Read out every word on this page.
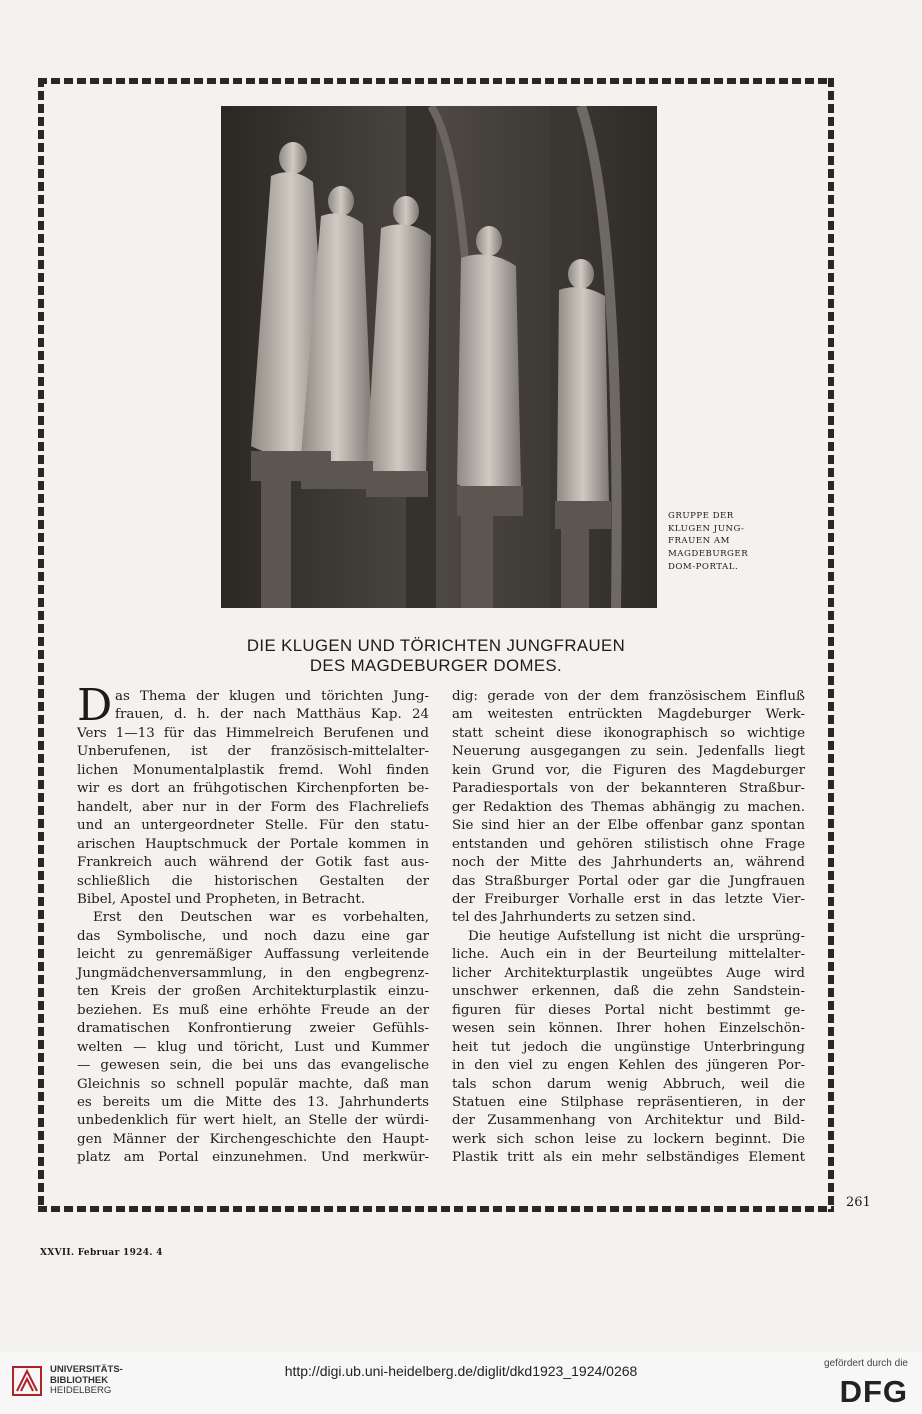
GRUPPE DER
KLUGEN JUNG-
FRAUEN AM
MAGDEBURGER
DOM-PORTAL.
DIE KLUGEN UND TÖRICHTEN JUNGFRAUEN
DES MAGDEBURGER DOMES.
D as Thema der klugen und törichten Jung-
frauen, d. h. der nach Matthäus Kap. 24
Vers 1—13 für das Himmelreich Berufenen und
Unberufenen, ist der französisch-mittelalter-
lichen Monumentalplastik fremd. Wohl finden
wir es dort an frühgotischen Kirchenpforten be-
handelt, aber nur in der Form des Flachreliefs
und an untergeordneter Stelle. Für den statu-
arischen Hauptschmuck der Portale kommen in
Frankreich auch während der Gotik fast aus-
schließlich die historischen Gestalten der
Bibel, Apostel und Propheten, in Betracht.
Erst den Deutschen war es vorbehalten,
das Symbolische, und noch dazu eine gar
leicht zu genremäßiger Auffassung verleitende
Jungmädchenversammlung, in den engbegrenz-
ten Kreis der großen Architekturplastik einzu-
beziehen. Es muß eine erhöhte Freude an der
dramatischen Konfrontierung zweier Gefühls-
welten — klug und töricht, Lust und Kummer
— gewesen sein, die bei uns das evangelische
Gleichnis so schnell populär machte, daß man
es bereits um die Mitte des 13. Jahrhunderts
unbedenklich für wert hielt, an Stelle der würdi-
gen Männer der Kirchengeschichte den Haupt-
platz am Portal einzunehmen. Und merkwür-
dig: gerade von der dem französischem Einfluß
am weitesten entrückten Magdeburger Werk-
statt scheint diese ikonographisch so wichtige
Neuerung ausgegangen zu sein. Jedenfalls liegt
kein Grund vor, die Figuren des Magdeburger
Paradiesportals von der bekannteren Straßbur-
ger Redaktion des Themas abhängig zu machen.
Sie sind hier an der Elbe offenbar ganz spontan
entstanden und gehören stilistisch ohne Frage
noch der Mitte des Jahrhunderts an, während
das Straßburger Portal oder gar die Jungfrauen
der Freiburger Vorhalle erst in das letzte Vier-
tel des Jahrhunderts zu setzen sind.
Die heutige Aufstellung ist nicht die ursprüng-
liche. Auch ein in der Beurteilung mittelalter-
licher Architekturplastik ungeübtes Auge wird
unschwer erkennen, daß die zehn Sandstein-
figuren für dieses Portal nicht bestimmt ge-
wesen sein können. Ihrer hohen Einzelschön-
heit tut jedoch die ungünstige Unterbringung
in den viel zu engen Kehlen des jüngeren Por-
tals schon darum wenig Abbruch, weil die
Statuen eine Stilphase repräsentieren, in der
der Zusammenhang von Architektur und Bild-
werk sich schon leise zu lockern beginnt. Die
Plastik tritt als ein mehr selbständiges Element
261
XXVII. Februar 1924. 4
UNIVERSITÄTS-
BIBLIOTHEK
HEIDELBERG
http://digi.ub.uni-heidelberg.de/diglit/dkd1923_1924/0268	gefördert durch die
DFG
